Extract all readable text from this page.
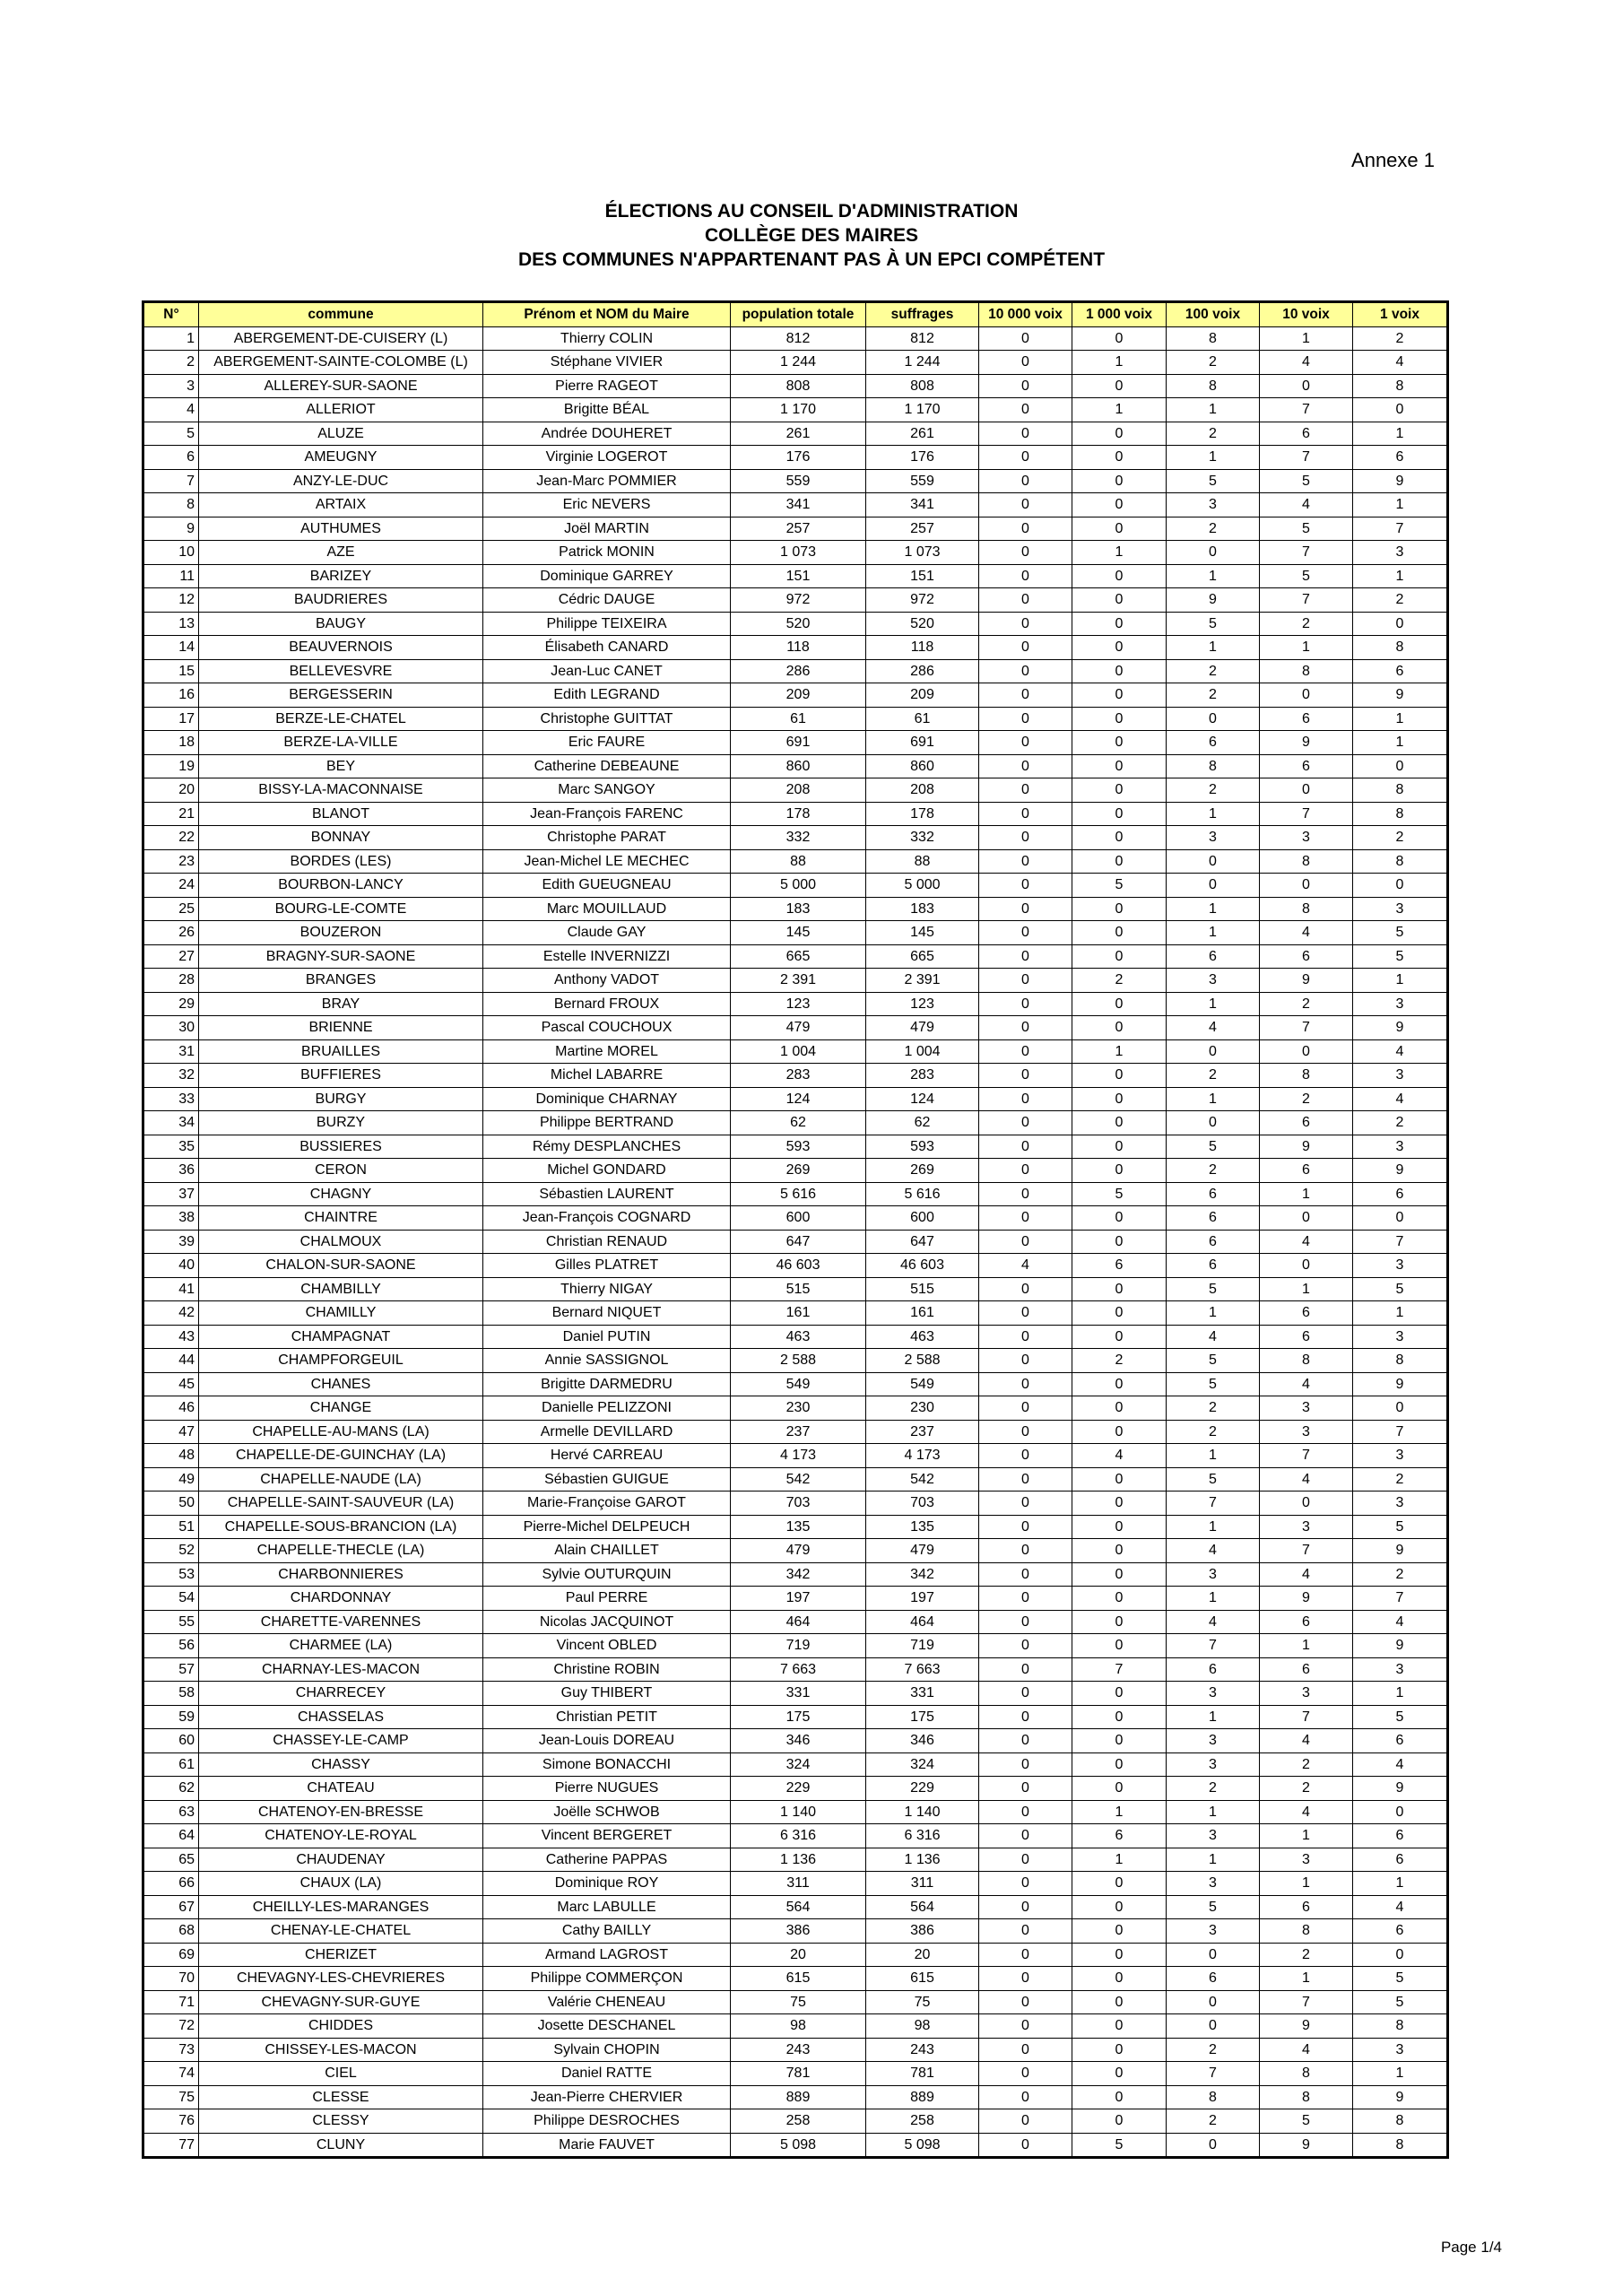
Annexe 1
ÉLECTIONS AU CONSEIL D'ADMINISTRATION
COLLÈGE DES MAIRES
DES COMMUNES N'APPARTENANT PAS À UN EPCI COMPÉTENT
N°	commune	Prénom et NOM du Maire	population totale	suffrages	10 000 voix	1 000 voix	100 voix	10 voix	1 voix
1	ABERGEMENT-DE-CUISERY (L)	Thierry COLIN	812	812	0	0	8	1	2
2	ABERGEMENT-SAINTE-COLOMBE (L)	Stéphane VIVIER	1 244	1 244	0	1	2	4	4
3	ALLEREY-SUR-SAONE	Pierre RAGEOT	808	808	0	0	8	0	8
4	ALLERIOT	Brigitte BÉAL	1 170	1 170	0	1	1	7	0
5	ALUZE	Andrée DOUHERET	261	261	0	0	2	6	1
6	AMEUGNY	Virginie LOGEROT	176	176	0	0	1	7	6
7	ANZY-LE-DUC	Jean-Marc POMMIER	559	559	0	0	5	5	9
8	ARTAIX	Eric NEVERS	341	341	0	0	3	4	1
9	AUTHUMES	Joël MARTIN	257	257	0	0	2	5	7
10	AZE	Patrick MONIN	1 073	1 073	0	1	0	7	3
11	BARIZEY	Dominique GARREY	151	151	0	0	1	5	1
12	BAUDRIERES	Cédric DAUGE	972	972	0	0	9	7	2
13	BAUGY	Philippe TEIXEIRA	520	520	0	0	5	2	0
14	BEAUVERNOIS	Élisabeth CANARD	118	118	0	0	1	1	8
15	BELLEVESVRE	Jean-Luc CANET	286	286	0	0	2	8	6
16	BERGESSERIN	Edith LEGRAND	209	209	0	0	2	0	9
17	BERZE-LE-CHATEL	Christophe GUITTAT	61	61	0	0	0	6	1
18	BERZE-LA-VILLE	Eric FAURE	691	691	0	0	6	9	1
19	BEY	Catherine DEBEAUNE	860	860	0	0	8	6	0
20	BISSY-LA-MACONNAISE	Marc SANGOY	208	208	0	0	2	0	8
21	BLANOT	Jean-François FARENC	178	178	0	0	1	7	8
22	BONNAY	Christophe PARAT	332	332	0	0	3	3	2
23	BORDES (LES)	Jean-Michel LE MECHEC	88	88	0	0	0	8	8
24	BOURBON-LANCY	Edith GUEUGNEAU	5 000	5 000	0	5	0	0	0
25	BOURG-LE-COMTE	Marc MOUILLAUD	183	183	0	0	1	8	3
26	BOUZERON	Claude GAY	145	145	0	0	1	4	5
27	BRAGNY-SUR-SAONE	Estelle INVERNIZZI	665	665	0	0	6	6	5
28	BRANGES	Anthony VADOT	2 391	2 391	0	2	3	9	1
29	BRAY	Bernard FROUX	123	123	0	0	1	2	3
30	BRIENNE	Pascal COUCHOUX	479	479	0	0	4	7	9
31	BRUAILLES	Martine MOREL	1 004	1 004	0	1	0	0	4
32	BUFFIERES	Michel LABARRE	283	283	0	0	2	8	3
33	BURGY	Dominique CHARNAY	124	124	0	0	1	2	4
34	BURZY	Philippe BERTRAND	62	62	0	0	0	6	2
35	BUSSIERES	Rémy DESPLANCHES	593	593	0	0	5	9	3
36	CERON	Michel GONDARD	269	269	0	0	2	6	9
37	CHAGNY	Sébastien LAURENT	5 616	5 616	0	5	6	1	6
38	CHAINTRE	Jean-François COGNARD	600	600	0	0	6	0	0
39	CHALMOUX	Christian RENAUD	647	647	0	0	6	4	7
40	CHALON-SUR-SAONE	Gilles PLATRET	46 603	46 603	4	6	6	0	3
41	CHAMBILLY	Thierry NIGAY	515	515	0	0	5	1	5
42	CHAMILLY	Bernard NIQUET	161	161	0	0	1	6	1
43	CHAMPAGNAT	Daniel PUTIN	463	463	0	0	4	6	3
44	CHAMPFORGEUIL	Annie SASSIGNOL	2 588	2 588	0	2	5	8	8
45	CHANES	Brigitte DARMEDRU	549	549	0	0	5	4	9
46	CHANGE	Danielle PELIZZONI	230	230	0	0	2	3	0
47	CHAPELLE-AU-MANS (LA)	Armelle DEVILLARD	237	237	0	0	2	3	7
48	CHAPELLE-DE-GUINCHAY (LA)	Hervé CARREAU	4 173	4 173	0	4	1	7	3
49	CHAPELLE-NAUDE (LA)	Sébastien GUIGUE	542	542	0	0	5	4	2
50	CHAPELLE-SAINT-SAUVEUR (LA)	Marie-Françoise GAROT	703	703	0	0	7	0	3
51	CHAPELLE-SOUS-BRANCION (LA)	Pierre-Michel DELPEUCH	135	135	0	0	1	3	5
52	CHAPELLE-THECLE (LA)	Alain CHAILLET	479	479	0	0	4	7	9
53	CHARBONNIERES	Sylvie OUTURQUIN	342	342	0	0	3	4	2
54	CHARDONNAY	Paul PERRE	197	197	0	0	1	9	7
55	CHARETTE-VARENNES	Nicolas JACQUINOT	464	464	0	0	4	6	4
56	CHARMEE (LA)	Vincent OBLED	719	719	0	0	7	1	9
57	CHARNAY-LES-MACON	Christine ROBIN	7 663	7 663	0	7	6	6	3
58	CHARRECEY	Guy THIBERT	331	331	0	0	3	3	1
59	CHASSELAS	Christian PETIT	175	175	0	0	1	7	5
60	CHASSEY-LE-CAMP	Jean-Louis DOREAU	346	346	0	0	3	4	6
61	CHASSY	Simone BONACCHI	324	324	0	0	3	2	4
62	CHATEAU	Pierre NUGUES	229	229	0	0	2	2	9
63	CHATENOY-EN-BRESSE	Joëlle SCHWOB	1 140	1 140	0	1	1	4	0
64	CHATENOY-LE-ROYAL	Vincent BERGERET	6 316	6 316	0	6	3	1	6
65	CHAUDENAY	Catherine PAPPAS	1 136	1 136	0	1	1	3	6
66	CHAUX (LA)	Dominique ROY	311	311	0	0	3	1	1
67	CHEILLY-LES-MARANGES	Marc LABULLE	564	564	0	0	5	6	4
68	CHENAY-LE-CHATEL	Cathy BAILLY	386	386	0	0	3	8	6
69	CHERIZET	Armand LAGROST	20	20	0	0	0	2	0
70	CHEVAGNY-LES-CHEVRIERES	Philippe COMMERÇON	615	615	0	0	6	1	5
71	CHEVAGNY-SUR-GUYE	Valérie CHENEAU	75	75	0	0	0	7	5
72	CHIDDES	Josette DESCHANEL	98	98	0	0	0	9	8
73	CHISSEY-LES-MACON	Sylvain CHOPIN	243	243	0	0	2	4	3
74	CIEL	Daniel RATTE	781	781	0	0	7	8	1
75	CLESSE	Jean-Pierre CHERVIER	889	889	0	0	8	8	9
76	CLESSY	Philippe DESROCHES	258	258	0	0	2	5	8
77	CLUNY	Marie FAUVET	5 098	5 098	0	5	0	9	8
Page 1/4
